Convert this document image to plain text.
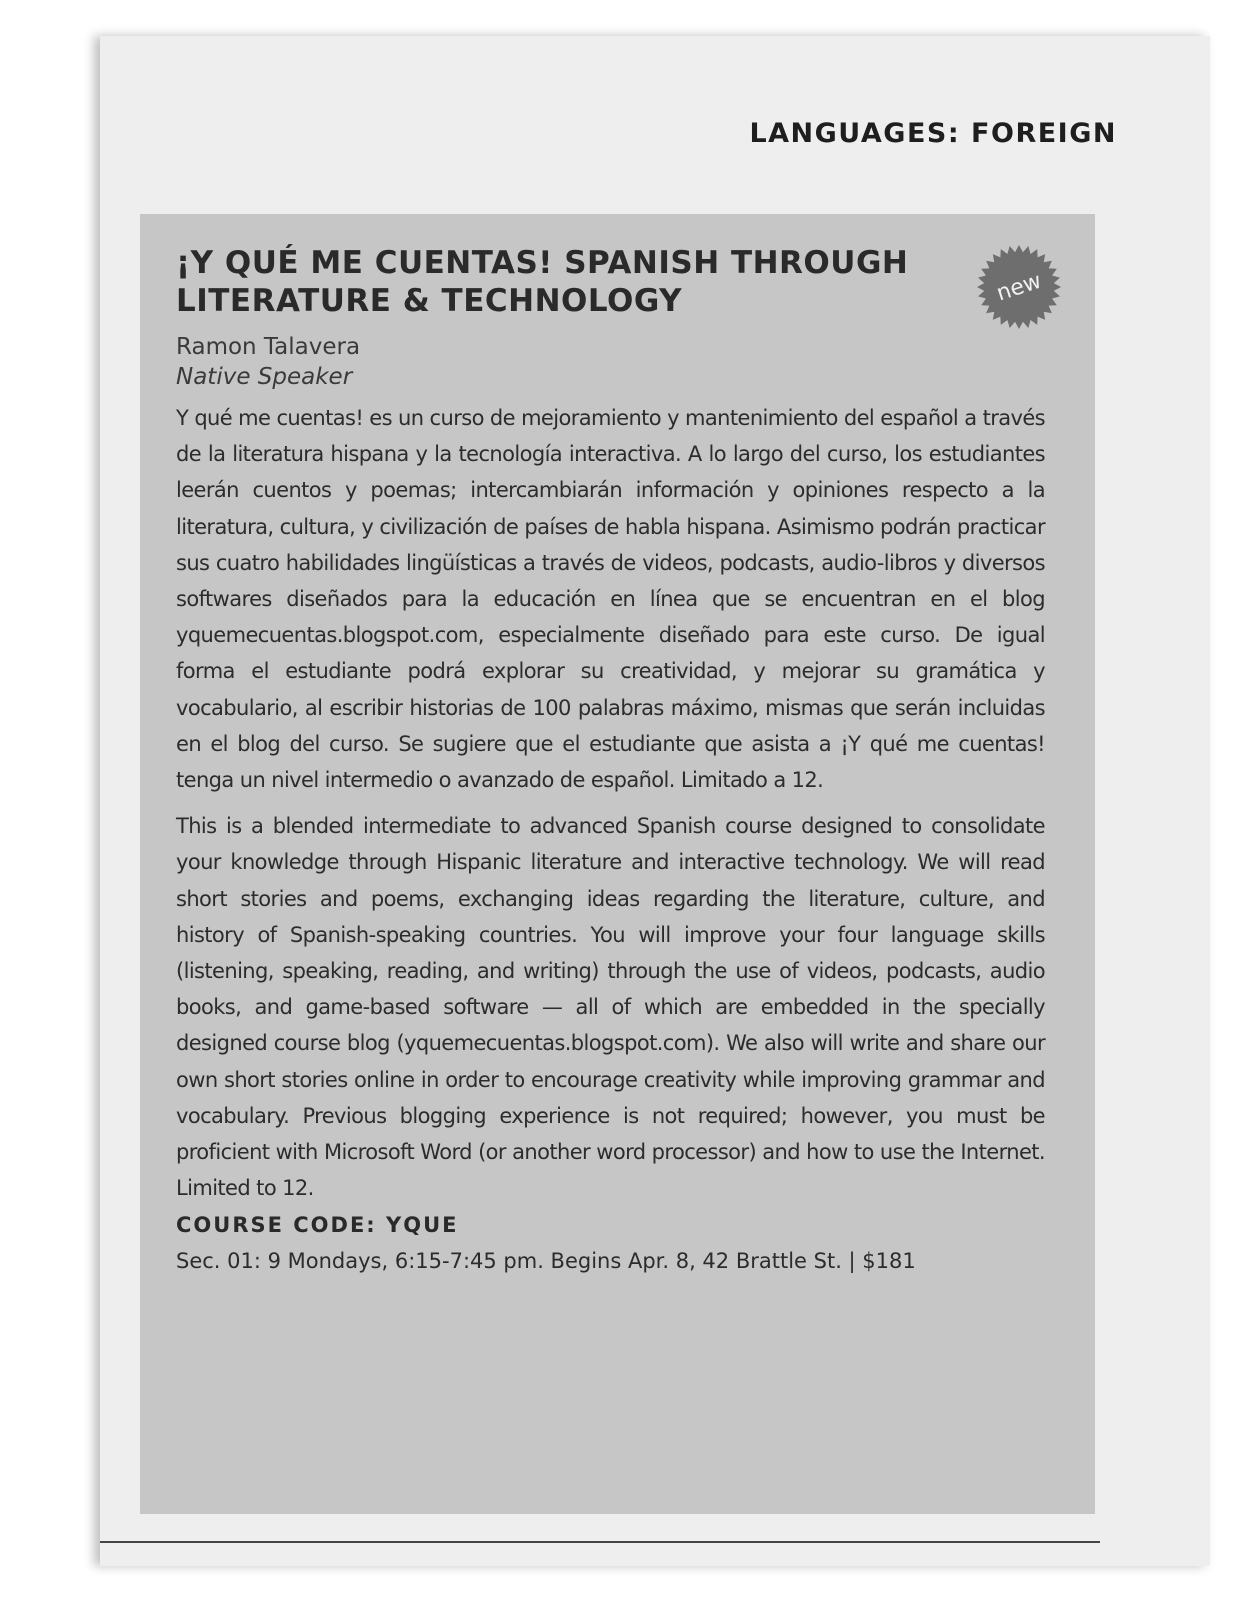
LANGUAGES: FOREIGN
¡Y QUÉ ME CUENTAS! SPANISH THROUGH LITERATURE & TECHNOLOGY	new

Ramon Talavera

Native Speaker

Y qué me cuentas! es un curso de mejoramiento y mantenimiento del español a través de la literatura hispana y la tecnología interactiva. A lo largo del curso, los estudiantes leerán cuentos y poemas; intercambiarán información y opiniones respecto a la literatura, cultura, y civilización de países de habla hispana. Asimismo podrán practicar sus cuatro habilidades lingüísticas a través de videos, podcasts, audio-libros y diversos softwares diseñados para la educación en línea que se encuentran en el blog yquemecuentas.blogspot.com, especialmente diseñado para este curso. De igual forma el estudiante podrá explorar su creatividad, y mejorar su gramática y vocabulario, al escribir historias de 100 palabras máximo, mismas que serán incluidas en el blog del curso. Se sugiere que el estudiante que asista a ¡Y qué me cuentas! tenga un nivel intermedio o avanzado de español. Limitado a 12.

This is a blended intermediate to advanced Spanish course designed to consolidate your knowledge through Hispanic literature and interactive technology. We will read short stories and poems, exchanging ideas regarding the literature, culture, and history of Spanish-speaking countries. You will improve your four language skills (listening, speaking, reading, and writing) through the use of videos, podcasts, audio books, and game-based software — all of which are embedded in the specially designed course blog (yquemecuentas.​blogspot.com). We also will write and share our own short stories online in order to encourage creativity while improving grammar and vocabulary. Previous blogging experience is not required; however, you must be proficient with Microsoft Word (or another word processor) and how to use the Internet. Limited to 12.

COURSE CODE: YQUE

Sec. 01: 9 Mondays, 6:15-7:45 pm. Begins Apr. 8, 42 Brattle St. | $181
